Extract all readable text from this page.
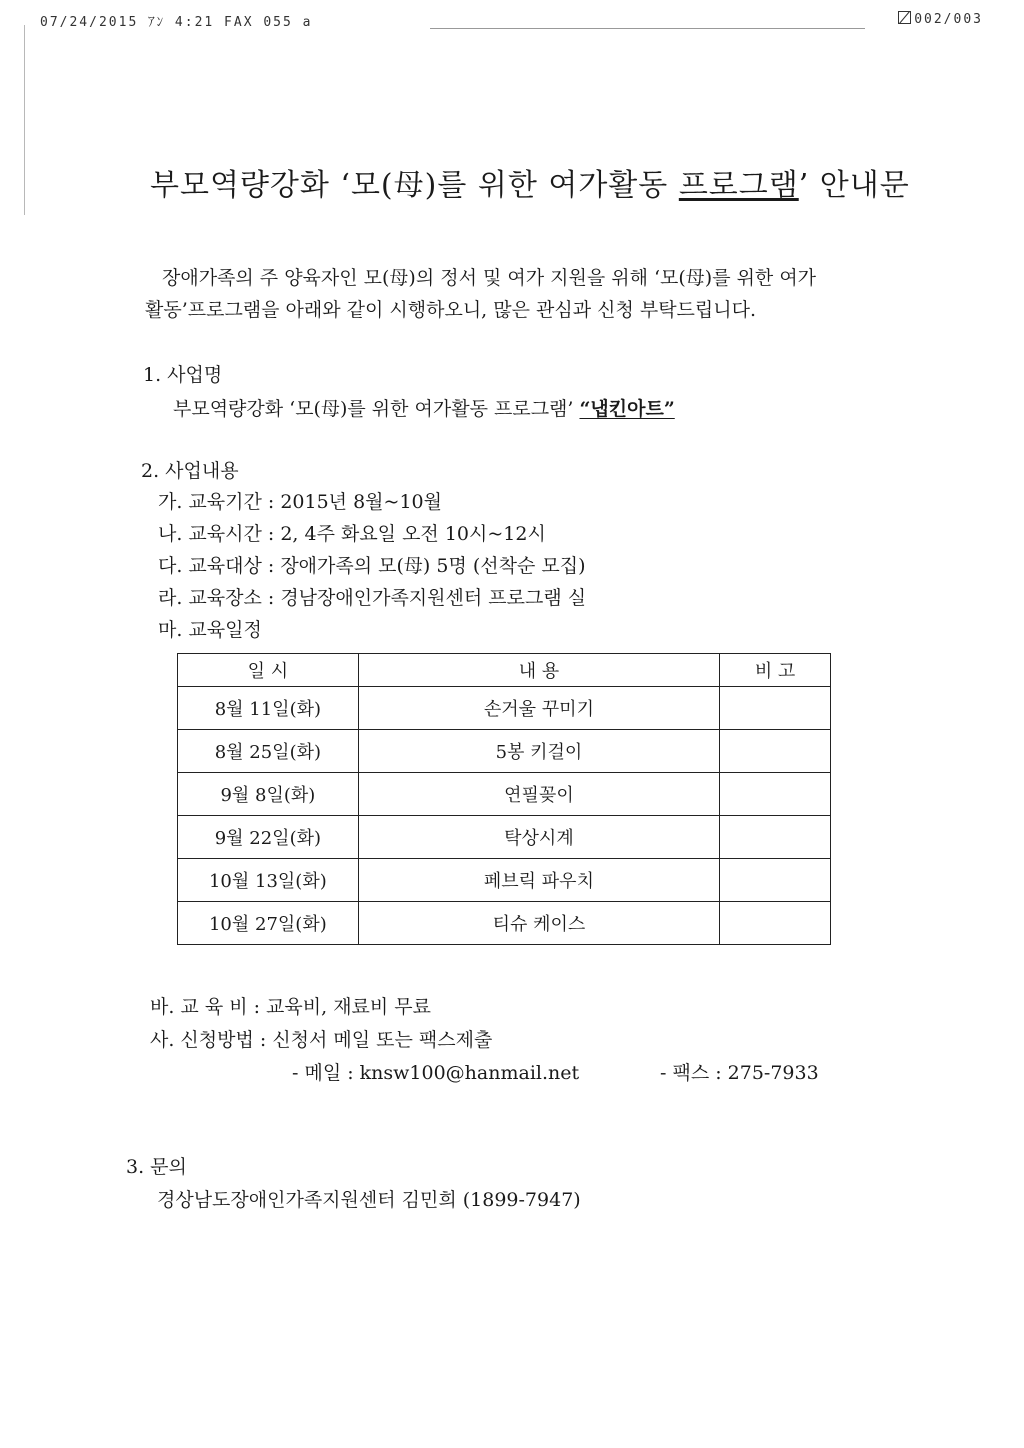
07/24/2015 ｱﾝ 4:21 FAX 055 a	002/003
부모역량강화 ‘모(母)를 위한 여가활동 프로그램’ 안내문
장애가족의 주 양육자인 모(母)의 정서 및 여가 지원을 위해 ‘모(母)를 위한 여가
활동’프로그램을 아래와 같이 시행하오니, 많은 관심과 신청 부탁드립니다.
1. 사업명
부모역량강화 ‘모(母)를 위한 여가활동 프로그램’ “냅킨아트”
2. 사업내용
가. 교육기간 : 2015년 8월~10월
나. 교육시간 : 2, 4주 화요일 오전 10시~12시
다. 교육대상 : 장애가족의 모(母) 5명 (선착순 모집)
라. 교육장소 : 경남장애인가족지원센터 프로그램 실
마. 교육일정
일 시	내 용	비 고
8월 11일(화)	손거울 꾸미기	
8월 25일(화)	5봉 키걸이	
9월 8일(화)	연필꽂이	
9월 22일(화)	탁상시계	
10월 13일(화)	페브릭 파우치	
10월 27일(화)	티슈 케이스	
바. 교 육 비 : 교육비, 재료비 무료
사. 신청방법 : 신청서 메일 또는 팩스제출
- 메일 : knsw100@hanmail.net	- 팩스 : 275-7933
3. 문의
경상남도장애인가족지원센터 김민희 (1899-7947)
